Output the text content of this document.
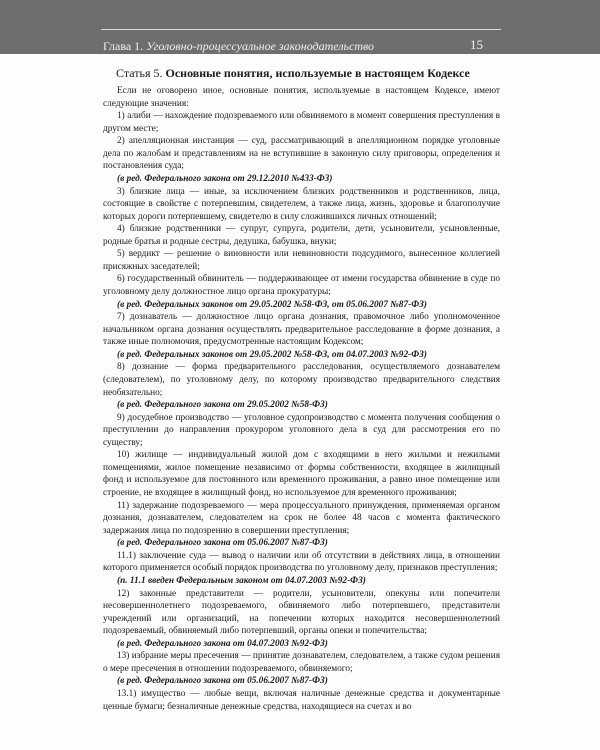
Глава 1. Уголовно-процессуальное законодательство	15
Статья 5. Основные понятия, используемые в настоящем Кодексе

Если не оговорено иное, основные понятия, используемые в настоящем Кодексе, имеют следующие значения:

1) алиби — нахождение подозреваемого или обвиняемого в момент совершения преступления в другом месте;

2) апелляционная инстанция — суд, рассматривающий в апелляционном порядке уголовные дела по жалобам и представлениям на не вступившие в законную силу приговоры, определения и постановления суда;

(в ред. Федерального закона от 29.12.2010 №433-ФЗ)

3) близкие лица — иные, за исключением близких родственников и родственников, лица, состоящие в свойстве с потерпевшим, свидетелем, а также лица, жизнь, здоровье и благополучие которых дороги потерпевшему, свидетелю в силу сложившихся личных отношений;

4) близкие родственники — супруг, супруга, родители, дети, усыновители, усыновленные, родные братья и родные сестры, дедушка, бабушка, внуки;

5) вердикт — решение о виновности или невиновности подсудимого, вынесенное коллегией присяжных заседателей;

6) государственный обвинитель — поддерживающее от имени государства обвинение в суде по уголовному делу должностное лицо органа прокуратуры;

(в ред. Федеральных законов от 29.05.2002 №58-ФЗ, от 05.06.2007 №87-ФЗ)

7) дознаватель — должностное лицо органа дознания, правомочное либо уполномоченное начальником органа дознания осуществлять предварительное расследование в форме дознания, а также иные полномочия, предусмотренные настоящим Кодексом;

(в ред. Федеральных законов от 29.05.2002 №58-ФЗ, от 04.07.2003 №92-ФЗ)

8) дознание — форма предварительного расследования, осуществляемого дознавателем (следователем), по уголовному делу, по которому производство предварительного следствия необязательно;

(в ред. Федерального закона от 29.05.2002 №58-ФЗ)

9) досудебное производство — уголовное судопроизводство с момента получения сообщения о преступлении до направления прокурором уголовного дела в суд для рассмотрения его по существу;

10) жилище — индивидуальный жилой дом с входящими в него жилыми и нежилыми помещениями, жилое помещение независимо от формы собственности, входящее в жилищный фонд и используемое для постоянного или временного проживания, а равно иное помещение или строение, не входящее в жилищный фонд, но используемое для временного проживания;

11) задержание подозреваемого — мера процессуального принуждения, применяемая органом дознания, дознавателем, следователем на срок не более 48 часов с момента фактического задержания лица по подозрению в совершении преступления;

(в ред. Федерального закона от 05.06.2007 №87-ФЗ)

11.1) заключение суда — вывод о наличии или об отсутствии в действиях лица, в отношении которого применяется особый порядок производства по уголовному делу, признаков преступления;

(п. 11.1 введен Федеральным законом от 04.07.2003 №92-ФЗ)

12) законные представители — родители, усыновители, опекуны или попечители несовершеннолетнего подозреваемого, обвиняемого либо потерпевшего, представители учреждений или организаций, на попечении которых находится несовершеннолетний подозреваемый, обвиняемый либо потерпевший, органы опеки и попечительства;

(в ред. Федерального закона от 04.07.2003 №92-ФЗ)

13) избрание меры пресечения — принятие дознавателем, следователем, а также судом решения о мере пресечения в отношении подозреваемого, обвиняемого;

(в ред. Федерального закона от 05.06.2007 №87-ФЗ)

13.1) имущество — любые вещи, включая наличные денежные средства и документарные ценные бумаги; безналичные денежные средства, находящиеся на счетах и во
